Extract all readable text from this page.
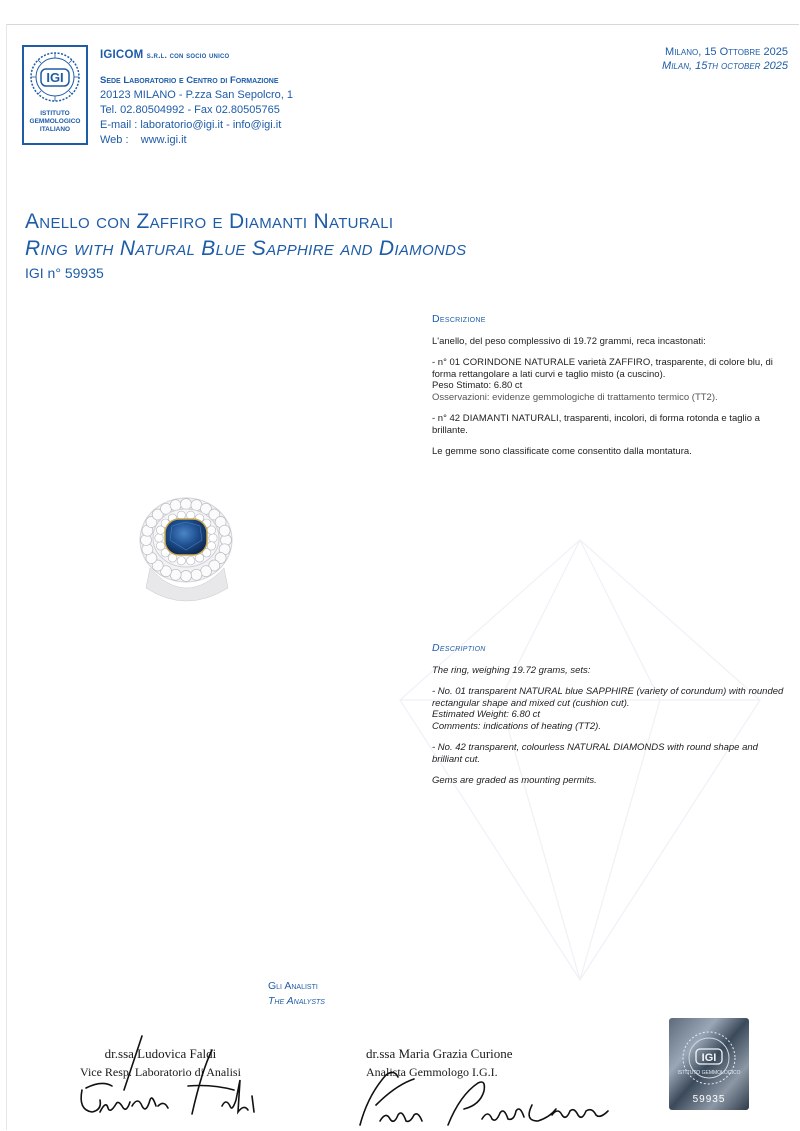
IGI
ISTITUTO
GEMMOLOGICO
ITALIANO
IGICOM s.r.l. con socio unico
Sede Laboratorio e Centro di Formazione
20123 MILANO - P.zza San Sepolcro, 1
Tel. 02.80504992 - Fax 02.80505765
E-mail : laboratorio@igi.it - info@igi.it
Web :    www.igi.it
Milano, 15 Ottobre 2025
Milan, 15th october 2025
Anello con Zaffiro e Diamanti Naturali
Ring with Natural Blue Sapphire and Diamonds
IGI n° 59935
Descrizione

L'anello, del peso complessivo di 19.72 grammi, reca incastonati:

- n° 01 CORINDONE NATURALE varietà ZAFFIRO, trasparente, di colore blu, di forma rettangolare a lati curvi e taglio misto (a cuscino).
Peso Stimato: 6.80 ct
Osservazioni: evidenze gemmologiche di trattamento termico (TT2).

- n° 42 DIAMANTI NATURALI, trasparenti, incolori, di forma rotonda e taglio a brillante.

Le gemme sono classificate come consentito dalla montatura.

Description

The ring, weighing 19.72 grams, sets:

- No. 01 transparent NATURAL blue SAPPHIRE (variety of corundum) with rounded rectangular shape and mixed cut (cushion cut).
Estimated Weight: 6.80 ct
Comments: indications of heating (TT2).

- No. 42 transparent, colourless NATURAL DIAMONDS with round shape and brilliant cut.

Gems are graded as mounting permits.

Gli Analisti
The Analysts
dr.ssa Ludovica Faldi
Vice Resp. Laboratorio di Analisi
dr.ssa Maria Grazia Curione
Analista Gemmologo I.G.I.
IGI
ISTITUTO GEMMOLOGICO
59935
